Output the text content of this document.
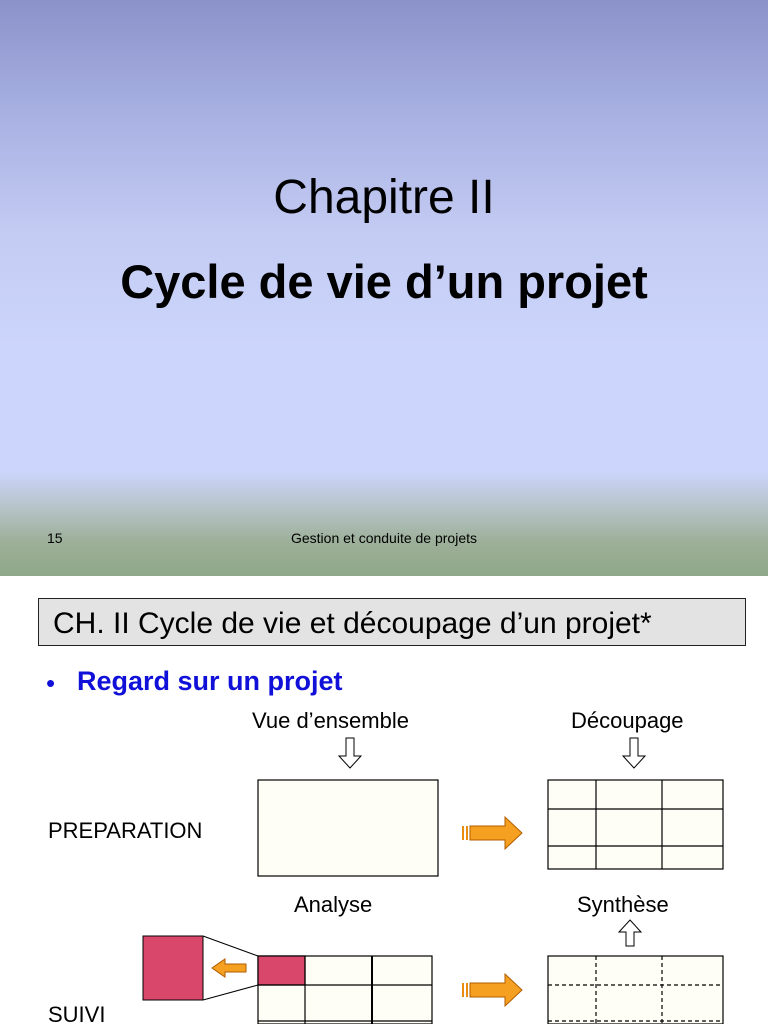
Chapitre II
Cycle de vie d’un projet
15	Gestion et conduite de projets
CH. II Cycle de vie et découpage d’un projet*
• Regard sur un projet
Vue d’ensemble	Découpage
PREPARATION
Analyse	Synthèse
SUIVI
